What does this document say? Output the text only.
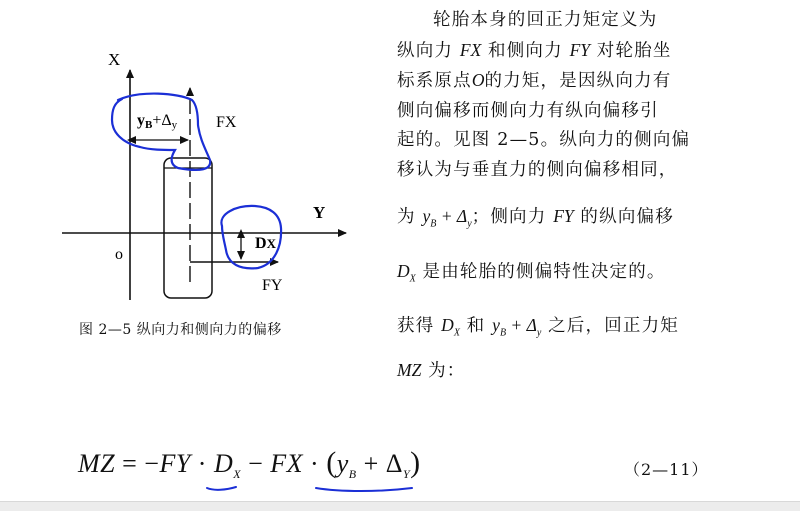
X
Y
FX
FY
o
yB+Δy
DX
图 2—5 纵向力和侧向力的偏移
轮胎本身的回正力矩定义为
纵向力 FX 和侧向力 FY 对轮胎坐
标系原点O的力矩，是因纵向力有
侧向偏移而侧向力有纵向偏移引
起的。见图 2—5。纵向力的侧向偏
移认为与垂直力的侧向偏移相同，
为 $y_B + \Delta_y$；侧向力 FY 的纵向偏移
$D_X$ 是由轮胎的侧偏特性决定的。
获得 $D_X$ 和 $y_B + \Delta_y$ 之后，回正力矩
MZ 为：
MZ = $-FY \cdot D_X$ − FX · $(y_B + \Delta_Y)$	（2—11）
